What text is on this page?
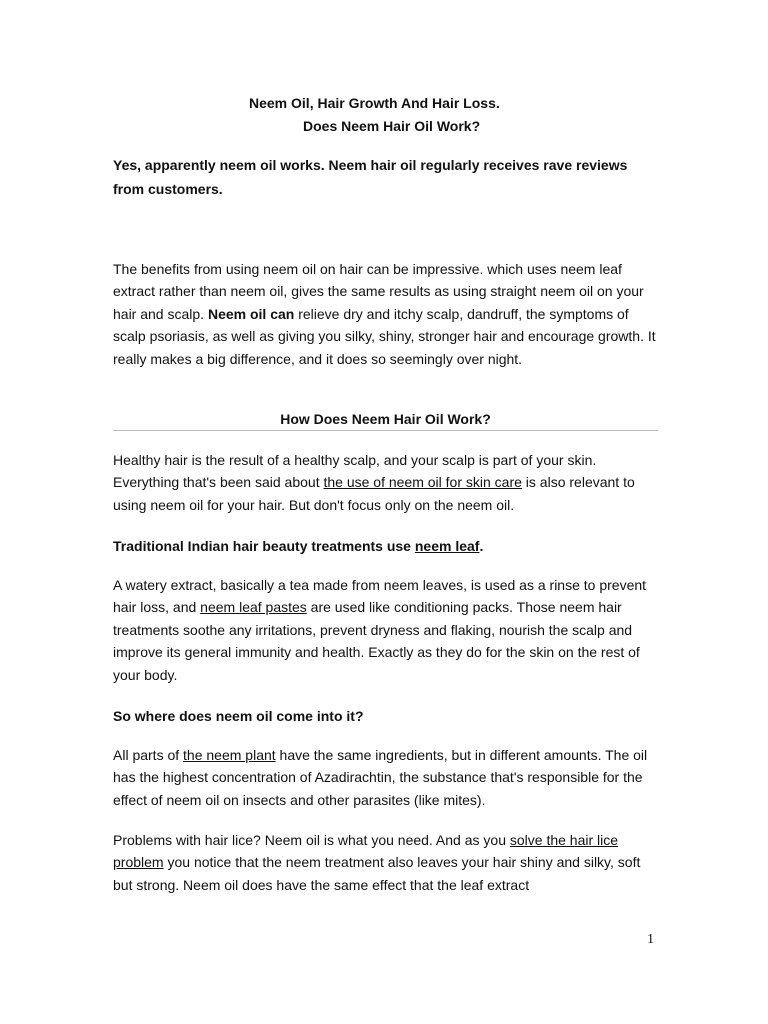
Neem Oil, Hair Growth And Hair Loss.

Does Neem Hair Oil Work?

Yes, apparently neem oil works. Neem hair oil regularly receives rave reviews from customers.

The benefits from using neem oil on hair can be impressive. which uses neem leaf extract rather than neem oil, gives the same results as using straight neem oil on your hair and scalp. Neem oil can relieve dry and itchy scalp, dandruff, the symptoms of scalp psoriasis, as well as giving you silky, shiny, stronger hair and encourage growth. It really makes a big difference, and it does so seemingly over night.

How Does Neem Hair Oil Work?

Healthy hair is the result of a healthy scalp, and your scalp is part of your skin. Everything that's been said about the use of neem oil for skin care is also relevant to using neem oil for your hair. But don't focus only on the neem oil.

Traditional Indian hair beauty treatments use neem leaf.

A watery extract, basically a tea made from neem leaves, is used as a rinse to prevent hair loss, and neem leaf pastes are used like conditioning packs. Those neem hair treatments soothe any irritations, prevent dryness and flaking, nourish the scalp and improve its general immunity and health. Exactly as they do for the skin on the rest of your body.

So where does neem oil come into it?

All parts of the neem plant have the same ingredients, but in different amounts. The oil has the highest concentration of Azadirachtin, the substance that's responsible for the effect of neem oil on insects and other parasites (like mites).

Problems with hair lice? Neem oil is what you need. And as you solve the hair lice problem you notice that the neem treatment also leaves your hair shiny and silky, soft but strong. Neem oil does have the same effect that the leaf extract

1
